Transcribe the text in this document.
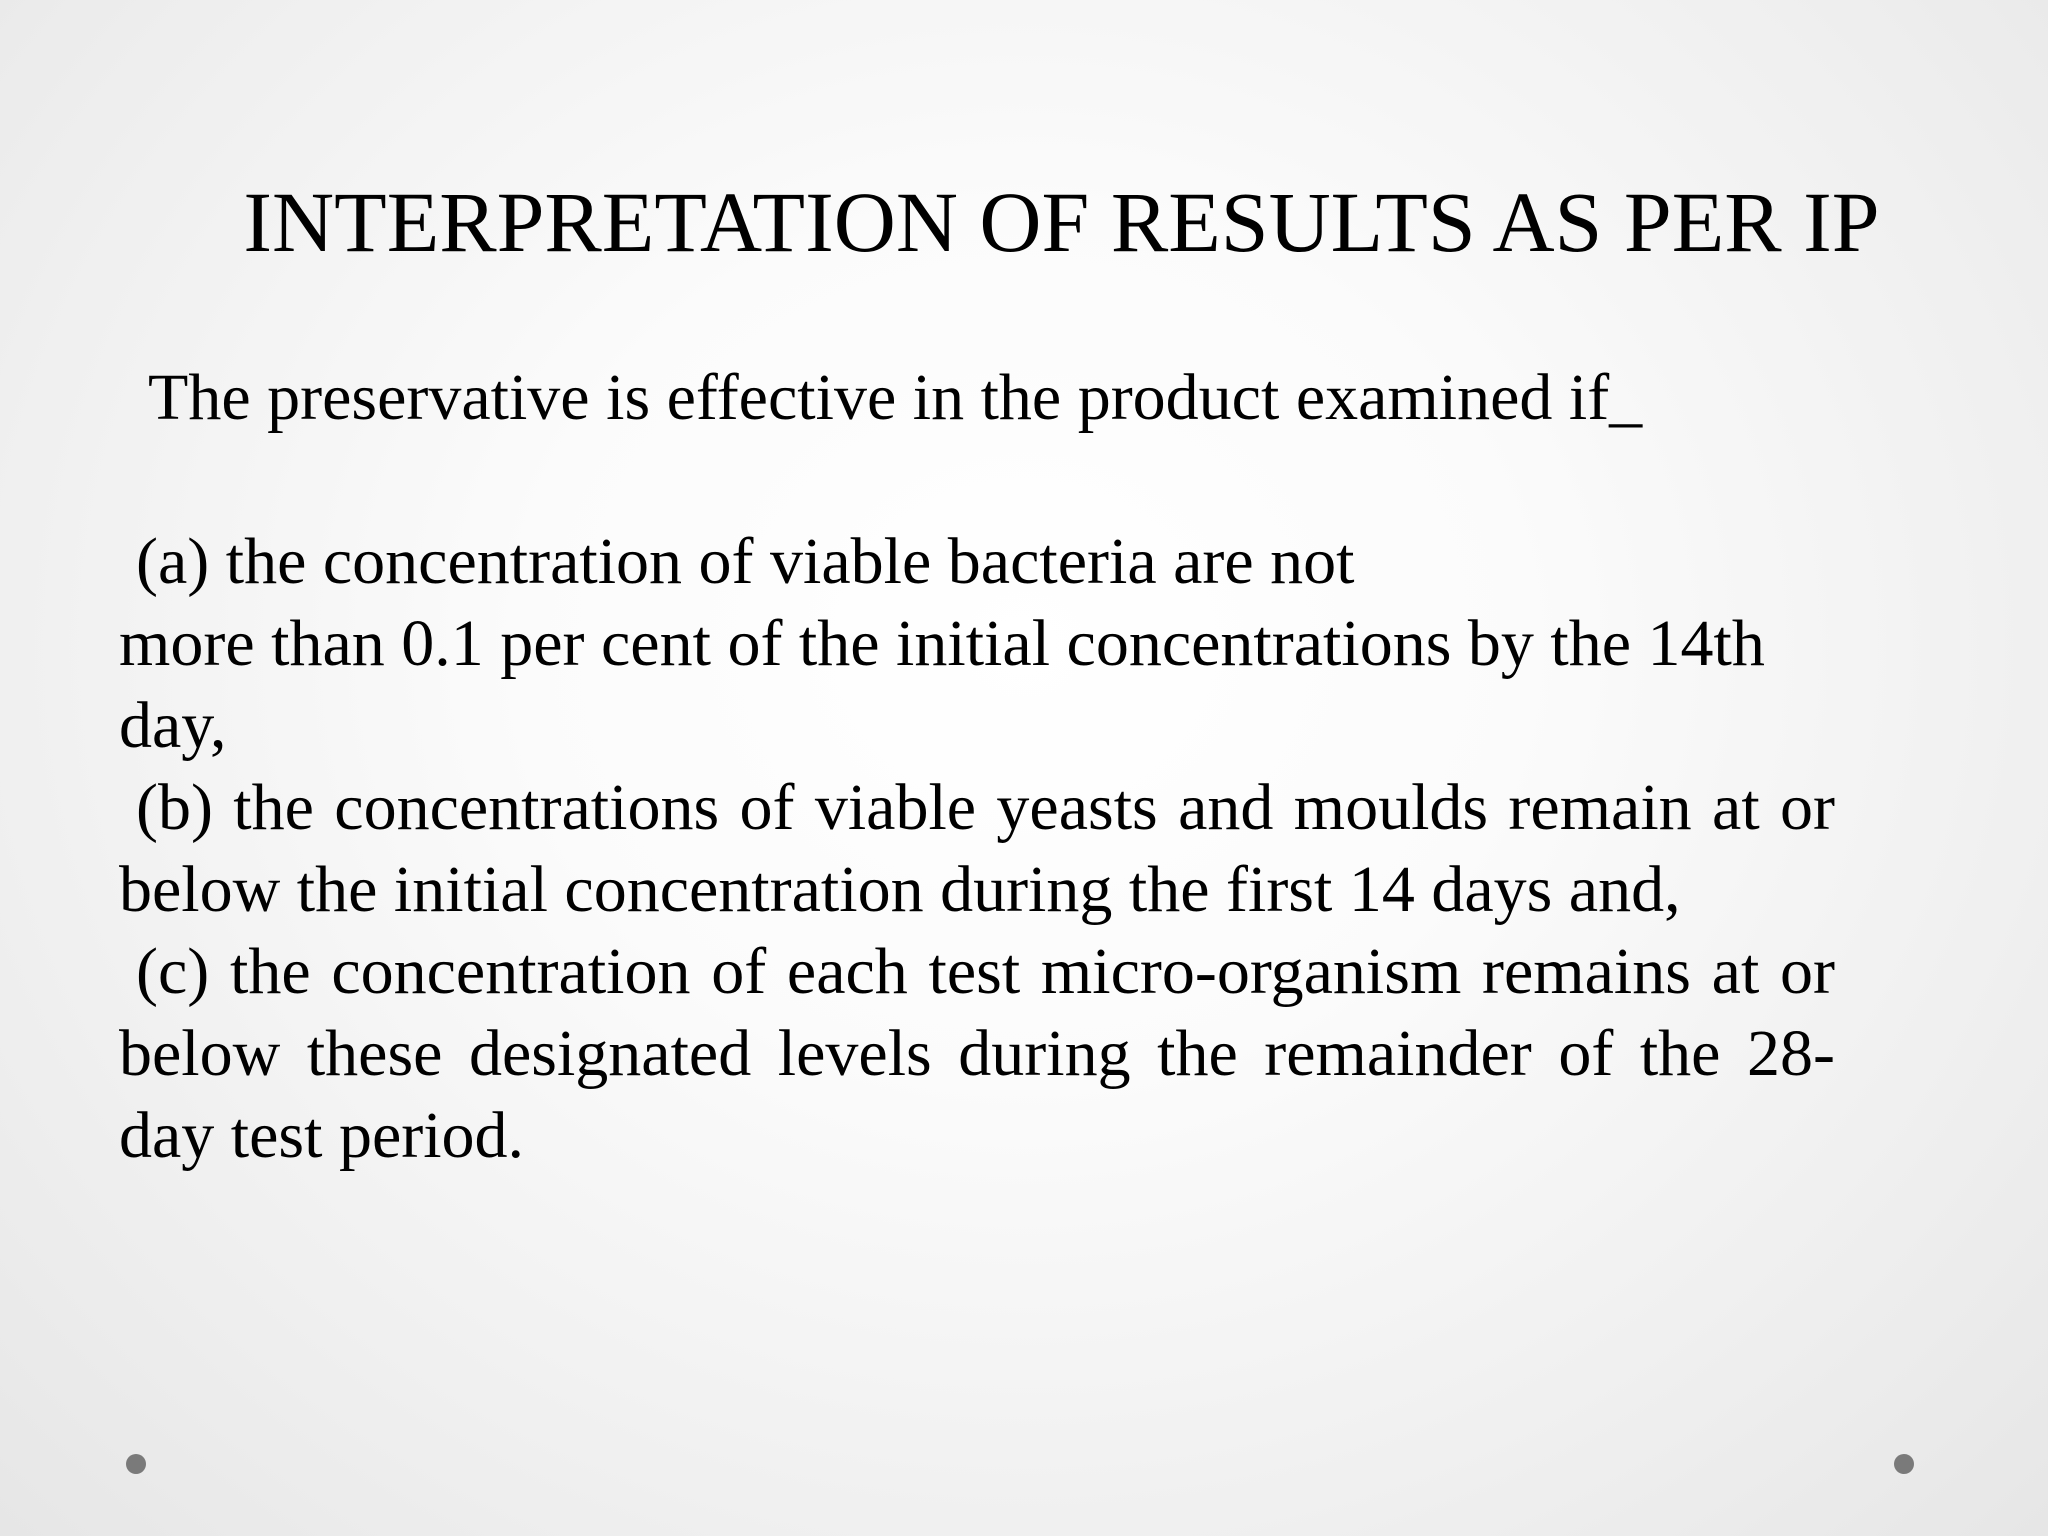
INTERPRETATION OF RESULTS AS PER IP
The preservative is effective in the product examined if_
(a) the concentration of viable bacteria are not
more than 0.1 per cent of the initial concentrations by the 14th day,
(b) the concentrations of viable yeasts and moulds remain at or below the initial concentration during the first 14 days and,
(c) the concentration of each test micro-organism remains at or below these designated levels during the remainder of the 28-day test period.
